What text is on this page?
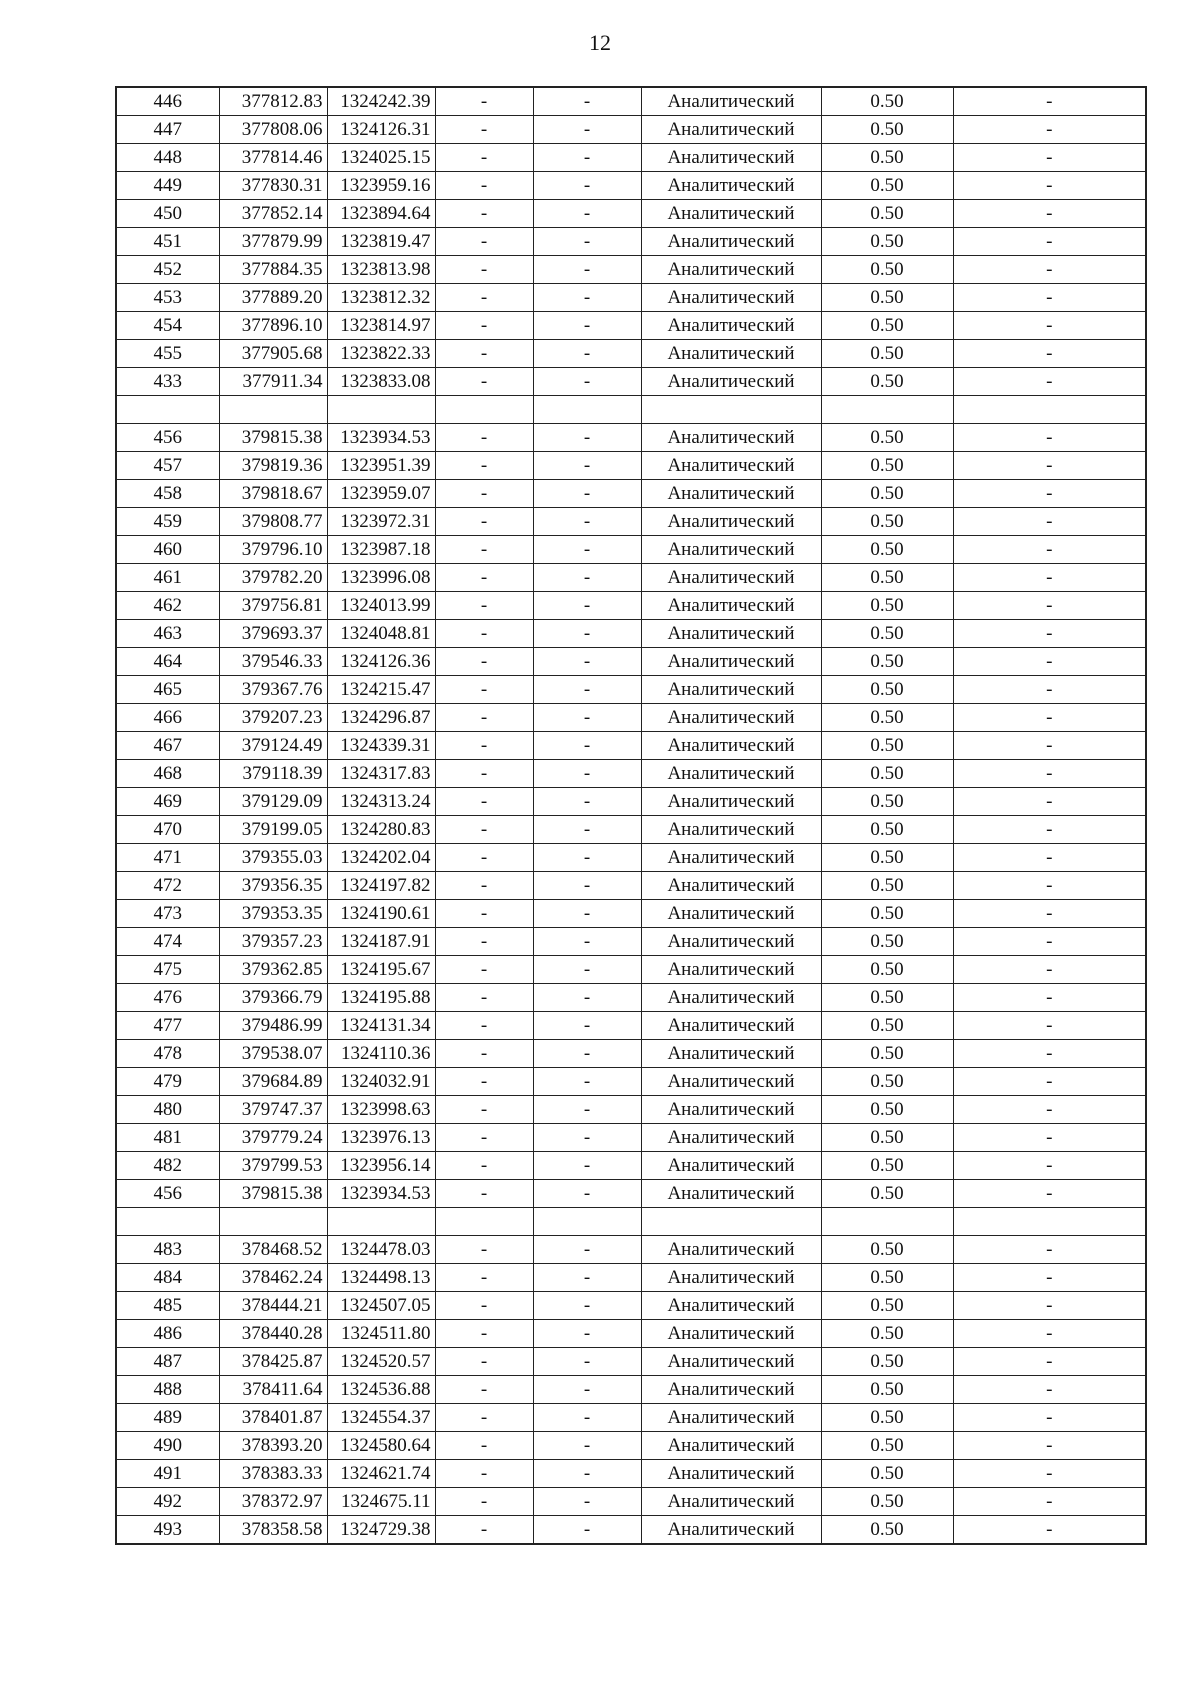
12
446	377812.83	1324242.39	-	-	Аналитический	0.50	-
447	377808.06	1324126.31	-	-	Аналитический	0.50	-
448	377814.46	1324025.15	-	-	Аналитический	0.50	-
449	377830.31	1323959.16	-	-	Аналитический	0.50	-
450	377852.14	1323894.64	-	-	Аналитический	0.50	-
451	377879.99	1323819.47	-	-	Аналитический	0.50	-
452	377884.35	1323813.98	-	-	Аналитический	0.50	-
453	377889.20	1323812.32	-	-	Аналитический	0.50	-
454	377896.10	1323814.97	-	-	Аналитический	0.50	-
455	377905.68	1323822.33	-	-	Аналитический	0.50	-
433	377911.34	1323833.08	-	-	Аналитический	0.50	-

456	379815.38	1323934.53	-	-	Аналитический	0.50	-
457	379819.36	1323951.39	-	-	Аналитический	0.50	-
458	379818.67	1323959.07	-	-	Аналитический	0.50	-
459	379808.77	1323972.31	-	-	Аналитический	0.50	-
460	379796.10	1323987.18	-	-	Аналитический	0.50	-
461	379782.20	1323996.08	-	-	Аналитический	0.50	-
462	379756.81	1324013.99	-	-	Аналитический	0.50	-
463	379693.37	1324048.81	-	-	Аналитический	0.50	-
464	379546.33	1324126.36	-	-	Аналитический	0.50	-
465	379367.76	1324215.47	-	-	Аналитический	0.50	-
466	379207.23	1324296.87	-	-	Аналитический	0.50	-
467	379124.49	1324339.31	-	-	Аналитический	0.50	-
468	379118.39	1324317.83	-	-	Аналитический	0.50	-
469	379129.09	1324313.24	-	-	Аналитический	0.50	-
470	379199.05	1324280.83	-	-	Аналитический	0.50	-
471	379355.03	1324202.04	-	-	Аналитический	0.50	-
472	379356.35	1324197.82	-	-	Аналитический	0.50	-
473	379353.35	1324190.61	-	-	Аналитический	0.50	-
474	379357.23	1324187.91	-	-	Аналитический	0.50	-
475	379362.85	1324195.67	-	-	Аналитический	0.50	-
476	379366.79	1324195.88	-	-	Аналитический	0.50	-
477	379486.99	1324131.34	-	-	Аналитический	0.50	-
478	379538.07	1324110.36	-	-	Аналитический	0.50	-
479	379684.89	1324032.91	-	-	Аналитический	0.50	-
480	379747.37	1323998.63	-	-	Аналитический	0.50	-
481	379779.24	1323976.13	-	-	Аналитический	0.50	-
482	379799.53	1323956.14	-	-	Аналитический	0.50	-
456	379815.38	1323934.53	-	-	Аналитический	0.50	-

483	378468.52	1324478.03	-	-	Аналитический	0.50	-
484	378462.24	1324498.13	-	-	Аналитический	0.50	-
485	378444.21	1324507.05	-	-	Аналитический	0.50	-
486	378440.28	1324511.80	-	-	Аналитический	0.50	-
487	378425.87	1324520.57	-	-	Аналитический	0.50	-
488	378411.64	1324536.88	-	-	Аналитический	0.50	-
489	378401.87	1324554.37	-	-	Аналитический	0.50	-
490	378393.20	1324580.64	-	-	Аналитический	0.50	-
491	378383.33	1324621.74	-	-	Аналитический	0.50	-
492	378372.97	1324675.11	-	-	Аналитический	0.50	-
493	378358.58	1324729.38	-	-	Аналитический	0.50	-
